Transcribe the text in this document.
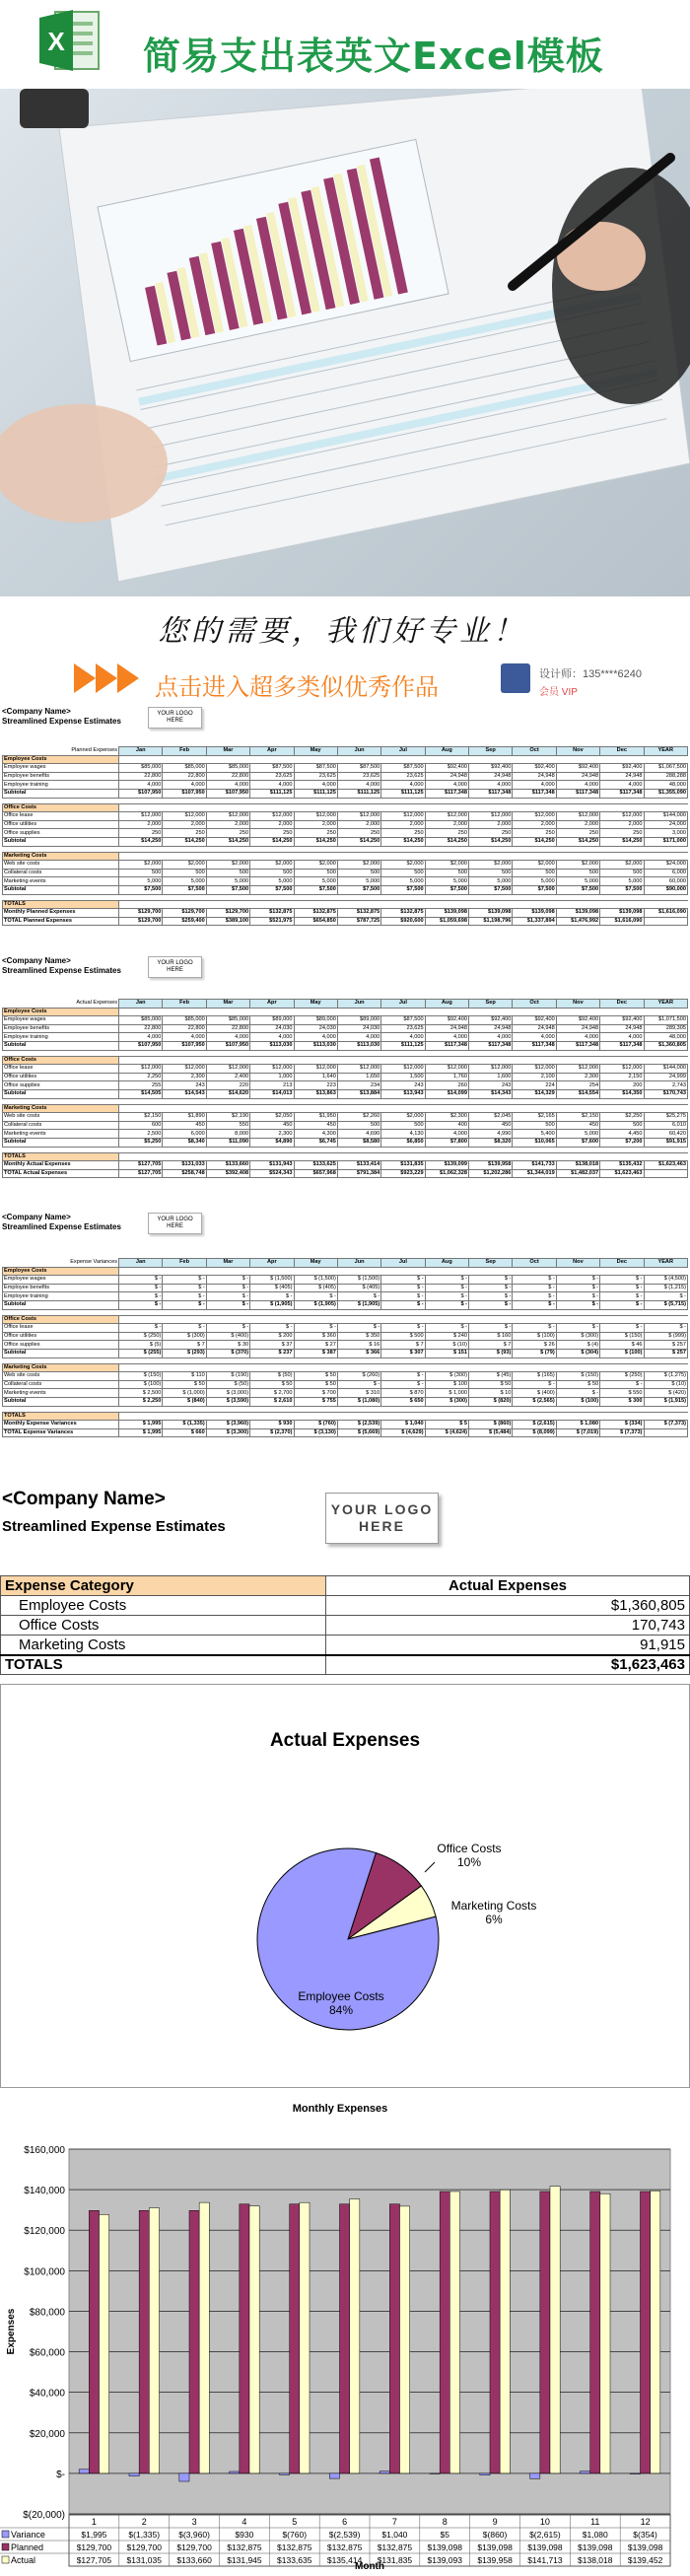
X 简易支出表英文Excel模板
您的需要，我们好专业！
点击进入超多类似优秀作品	设计师：135****6240
会员 VIP
<Company Name>
Streamlined Expense Estimates
YOUR LOGO HERE
Planned Expenses	Jan	Feb	Mar	Apr	May	Jun	Jul	Aug	Sep	Oct	Nov	Dec	YEAR
Employee Costs													
Employee wages	$85,000	$85,000	$85,000	$87,500	$87,500	$87,500	$87,500	$92,400	$92,400	$92,400	$92,400	$92,400	$1,067,500
Employee benefits	22,800	22,800	22,800	23,625	23,625	23,625	23,625	24,948	24,948	24,948	24,948	24,948	288,288
Employee training	4,000	4,000	4,000	4,000	4,000	4,000	4,000	4,000	4,000	4,000	4,000	4,000	48,000
Subtotal	$107,950	$107,950	$107,950	$111,125	$111,125	$111,125	$111,125	$117,348	$117,348	$117,348	$117,348	$117,348	$1,355,090

Office Costs													
Office lease	$12,000	$12,000	$12,000	$12,000	$12,000	$12,000	$12,000	$12,000	$12,000	$12,000	$12,000	$12,000	$144,000
Office utilities	2,000	2,000	2,000	2,000	2,000	2,000	2,000	2,000	2,000	2,000	2,000	2,000	24,000
Office supplies	250	250	250	250	250	250	250	250	250	250	250	250	3,000
Subtotal	$14,250	$14,250	$14,250	$14,250	$14,250	$14,250	$14,250	$14,250	$14,250	$14,250	$14,250	$14,250	$171,000

Marketing Costs													
Web site costs	$2,000	$2,000	$2,000	$2,000	$2,000	$2,000	$2,000	$2,000	$2,000	$2,000	$2,000	$2,000	$24,000
Collateral costs	500	500	500	500	500	500	500	500	500	500	500	500	6,000
Marketing events	5,000	5,000	5,000	5,000	5,000	5,000	5,000	5,000	5,000	5,000	5,000	5,000	60,000
Subtotal	$7,500	$7,500	$7,500	$7,500	$7,500	$7,500	$7,500	$7,500	$7,500	$7,500	$7,500	$7,500	$90,000

TOTALS													
Monthly Planned Expenses	$129,700	$129,700	$129,700	$132,875	$132,875	$132,875	$132,875	$139,098	$139,098	$139,098	$139,098	$139,098	$1,616,090
TOTAL Planned Expenses	$129,700	$259,400	$389,100	$521,975	$654,850	$787,725	$920,600	$1,059,698	$1,198,796	$1,337,894	$1,476,992	$1,616,090	
<Company Name>
Streamlined Expense Estimates
YOUR LOGO HERE
Actual Expenses	Jan	Feb	Mar	Apr	May	Jun	Jul	Aug	Sep	Oct	Nov	Dec	YEAR
Employee Costs													
Employee wages	$85,000	$85,000	$85,000	$89,000	$89,000	$89,000	$87,500	$92,400	$92,400	$92,400	$92,400	$92,400	$1,071,500
Employee benefits	22,800	22,800	22,800	24,030	24,030	24,030	23,625	24,948	24,948	24,948	24,948	24,948	289,305
Employee training	4,000	4,000	4,000	4,000	4,000	4,000	4,000	4,000	4,000	4,000	4,000	4,000	48,000
Subtotal	$107,950	$107,950	$107,950	$113,030	$113,030	$113,030	$111,125	$117,348	$117,348	$117,348	$117,348	$117,348	$1,360,805

Office Costs													
Office lease	$12,000	$12,000	$12,000	$12,000	$12,000	$12,000	$12,000	$12,000	$12,000	$12,000	$12,000	$12,000	$144,000
Office utilities	2,250	2,300	2,400	1,000	1,640	1,650	1,500	1,760	1,600	2,100	2,300	2,150	24,999
Office supplies	255	243	220	213	223	234	243	260	243	224	254	200	2,743
Subtotal	$14,505	$14,543	$14,620	$14,013	$13,863	$13,884	$13,943	$14,099	$14,343	$14,329	$14,554	$14,350	$170,743

Marketing Costs													
Web site costs	$2,150	$1,890	$2,190	$2,050	$1,950	$2,260	$2,000	$2,300	$2,045	$2,165	$2,150	$2,250	$25,275
Collateral costs	600	450	550	450	450	500	500	400	450	500	450	500	6,010
Marketing events	2,500	6,000	8,000	2,300	4,300	4,690	4,130	4,000	4,990	5,400	5,000	4,450	60,420
Subtotal	$5,250	$8,340	$11,090	$4,890	$6,745	$8,580	$6,850	$7,800	$8,320	$10,065	$7,600	$7,200	$91,915

TOTALS													
Monthly Actual Expenses	$127,705	$131,033	$133,660	$131,943	$133,625	$133,414	$131,835	$139,099	$139,958	$141,733	$138,018	$135,432	$1,623,463
TOTAL Actual Expenses	$127,705	$258,748	$392,408	$524,343	$657,968	$791,384	$923,229	$1,062,328	$1,202,286	$1,344,019	$1,482,037	$1,623,463	
<Company Name>
Streamlined Expense Estimates
YOUR LOGO HERE
Expense Variances	Jan	Feb	Mar	Apr	May	Jun	Jul	Aug	Sep	Oct	Nov	Dec	YEAR
Employee Costs													
Employee wages	$ -	$ -	$ -	$ (1,500)	$ (1,500)	$ (1,500)	$ -	$ -	$ -	$ -	$ -	$ -	$ (4,500)
Employee benefits	$ -	$ -	$ -	$ (405)	$ (405)	$ (405)	$ -	$ -	$ -	$ -	$ -	$ -	$ (1,215)
Employee training	$ -	$ -	$ -	$ -	$ -	$ -	$ -	$ -	$ -	$ -	$ -	$ -	$ -
Subtotal	$ -	$ -	$ -	$ (1,905)	$ (1,905)	$ (1,905)	$ -	$ -	$ -	$ -	$ -	$ -	$ (5,715)

Office Costs													
Office lease	$ -	$ -	$ -	$ -	$ -	$ -	$ -	$ -	$ -	$ -	$ -	$ -	$ -
Office utilities	$ (250)	$ (300)	$ (400)	$ 200	$ 360	$ 350	$ 500	$ 240	$ 160	$ (100)	$ (300)	$ (150)	$ (999)
Office supplies	$ (5)	$ 7	$ 30	$ 37	$ 27	$ 16	$ 7	$ (10)	$ 7	$ 26	$ (4)	$ 46	$ 257
Subtotal	$ (255)	$ (293)	$ (370)	$ 237	$ 387	$ 366	$ 307	$ 151	$ (93)	$ (79)	$ (304)	$ (100)	$ 257

Marketing Costs													
Web site costs	$ (150)	$ 110	$ (190)	$ (50)	$ 50	$ (260)	$ -	$ (300)	$ (45)	$ (165)	$ (150)	$ (250)	$ (1,275)
Collateral costs	$ (100)	$ 50	$ (50)	$ 50	$ 50	$ -	$ -	$ 100	$ 50	$ -	$ 50	$ -	$ (10)
Marketing events	$ 2,500	$ (1,000)	$ (3,000)	$ 2,700	$ 700	$ 310	$ 870	$ 1,000	$ 10	$ (400)	$ -	$ 550	$ (420)
Subtotal	$ 2,250	$ (840)	$ (3,590)	$ 2,610	$ 755	$ (1,080)	$ 650	$ (300)	$ (820)	$ (2,565)	$ (100)	$ 300	$ (1,915)

TOTALS													
Monthly Expense Variances	$ 1,995	$ (1,335)	$ (3,960)	$ 930	$ (760)	$ (2,539)	$ 1,040	$ 5	$ (860)	$ (2,615)	$ 1,080	$ (334)	$ (7,373)
TOTAL Expense Variances	$ 1,995	$ 660	$ (3,300)	$ (2,370)	$ (3,130)	$ (5,669)	$ (4,629)	$ (4,624)	$ (5,484)	$ (8,099)	$ (7,019)	$ (7,373)	
<Company Name>
Streamlined Expense Estimates
YOUR LOGO HERE
Expense Category	Actual Expenses
Employee Costs	$1,360,805
Office Costs	170,743
Marketing Costs	91,915
TOTALS	$1,623,463
Actual Expenses
Office Costs
10%
Marketing Costs
6%
Employee Costs
84%
Monthly Expenses
$(20,000)
$-
$20,000
$40,000
$60,000
$80,000
$100,000
$120,000
$140,000
$160,000
Expenses
1	2	3	4	5	6	7	8	9	10	11	12
Variance	$1,995	$(1,335) $(3,960)	$930	$(760)	$(2,539)	$1,040	$5	$(860)	$(2,615)	$1,080	$(354)
Planned	$129,700 $129,700 $129,700 $132,875 $132,875 $132,875 $132,875 $139,098 $139,098 $139,098 $139,098 $139,098
Actual	$127,705 $131,035 $133,660 $131,945 $133,635 $135,414 $131,835 $139,093 $139,958 $141,713 $138,018 $139,452
Month
